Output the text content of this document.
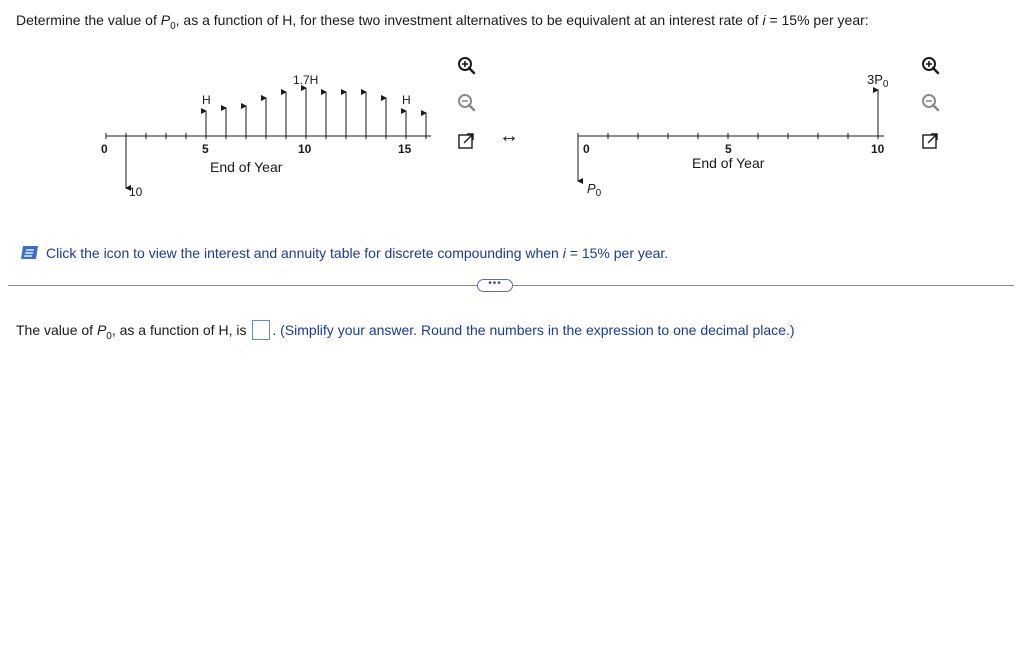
Determine the value of $P_0$, as a function of H, for these two investment alternatives to be equivalent at an interest rate of i = 15% per year:
0	5	10	15
End of Year
10
H	H
1.7H
↔
0	5	10
End of Year
$P_0$
$3P_0$
Click the icon to view the interest and annuity table for discrete compounding when i = 15% per year.
•••
The value of $P_0$, as a function of H, is . (Simplify your answer. Round the numbers in the expression to one decimal place.)
